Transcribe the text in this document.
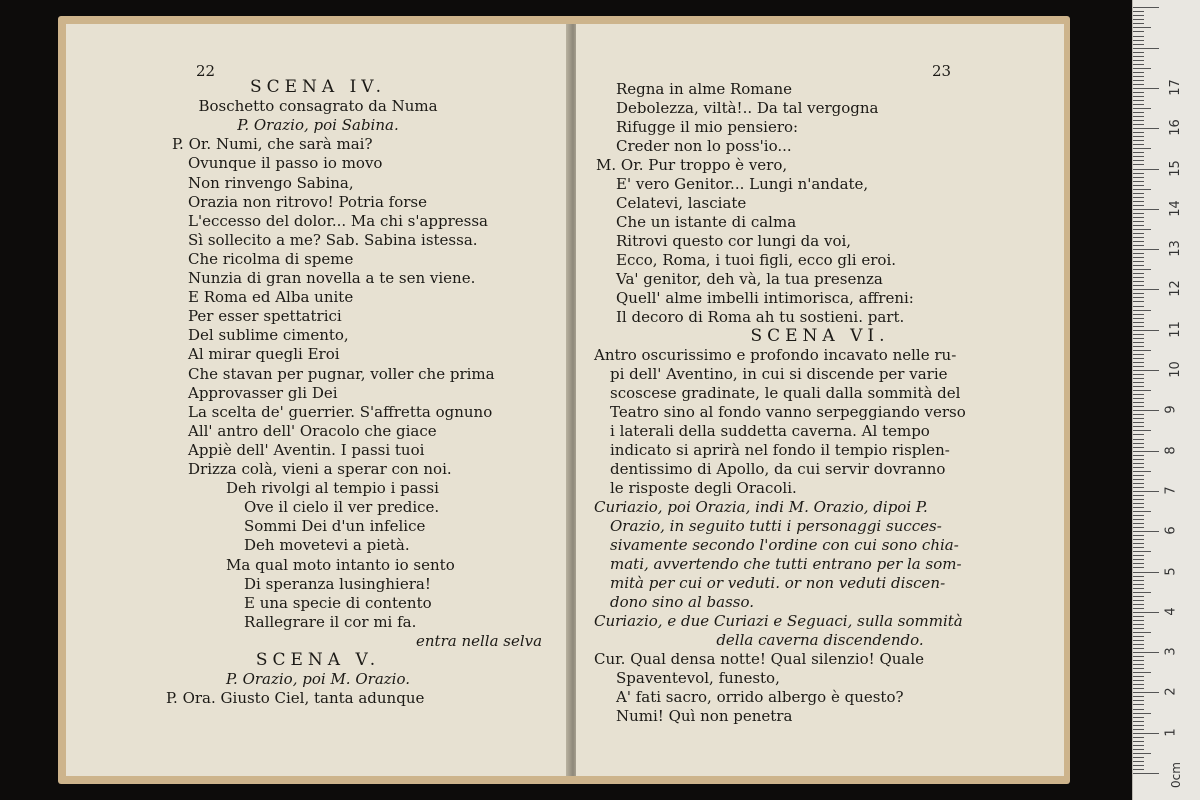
22
SCENA IV.
Boschetto consagrato da Numa
P. Orazio, poi Sabina.
P. Or. Numi, che sarà mai?
Ovunque il passo io movo
Non rinvengo Sabina,
Orazia non ritrovo! Potria forse
L'eccesso del dolor... Ma chi s'appressa
Sì sollecito a me? Sab. Sabina istessa.
Che ricolma di speme
Nunzia di gran novella a te sen viene.
E Roma ed Alba unite
Per esser spettatrici
Del sublime cimento,
Al mirar quegli Eroi
Che stavan per pugnar, voller che prima
Approvasser gli Dei
La scelta de' guerrier. S'affretta ognuno
All' antro dell' Oracolo che giace
Appiè dell' Aventin. I passi tuoi
Drizza colà, vieni a sperar con noi.
Deh rivolgi al tempio i passi
Ove il cielo il ver predice.
Sommi Dei d'un infelice
Deh movetevi a pietà.
Ma qual moto intanto io sento
Di speranza lusinghiera!
E una specie di contento
Rallegrare il cor mi fa.
entra nella selva
SCENA V.
P. Orazio, poi M. Orazio.
P. Ora. Giusto Ciel, tanta adunque
23
Regna in alme Romane
Debolezza, viltà!.. Da tal vergogna
Rifugge il mio pensiero:
Creder non lo poss'io...
M. Or. Pur troppo è vero,
E' vero Genitor... Lungi n'andate,
Celatevi, lasciate
Che un istante di calma
Ritrovi questo cor lungi da voi,
Ecco, Roma, i tuoi figli, ecco gli eroi.
Va' genitor, deh và, la tua presenza
Quell' alme imbelli intimorisca, affreni:
Il decoro di Roma ah tu sostieni. part.
SCENA VI.
Antro oscurissimo e profondo incavato nelle ru-
pi dell' Aventino, in cui si discende per varie
scoscese gradinate, le quali dalla sommità del
Teatro sino al fondo vanno serpeggiando verso
i laterali della suddetta caverna. Al tempo
indicato si aprirà nel fondo il tempio risplen-
dentissimo di Apollo, da cui servir dovranno
le risposte degli Oracoli.
Curiazio, poi Orazia, indi M. Orazio, dipoi P.
Orazio, in seguito tutti i personaggi succes-
sivamente secondo l'ordine con cui sono chia-
mati, avvertendo che tutti entrano per la som-
mità per cui or veduti. or non veduti discen-
dono sino al basso.
Curiazio, e due Curiazi e Seguaci, sulla sommità
della caverna discendendo.
Cur. Qual densa notte! Qual silenzio! Quale
Spaventevol, funesto,
A' fati sacro, orrido albergo è questo?
Numi! Quì non penetra
0cm
1
2
3
4
5
6
7
8
9
10
11
12
13
14
15
16
17
